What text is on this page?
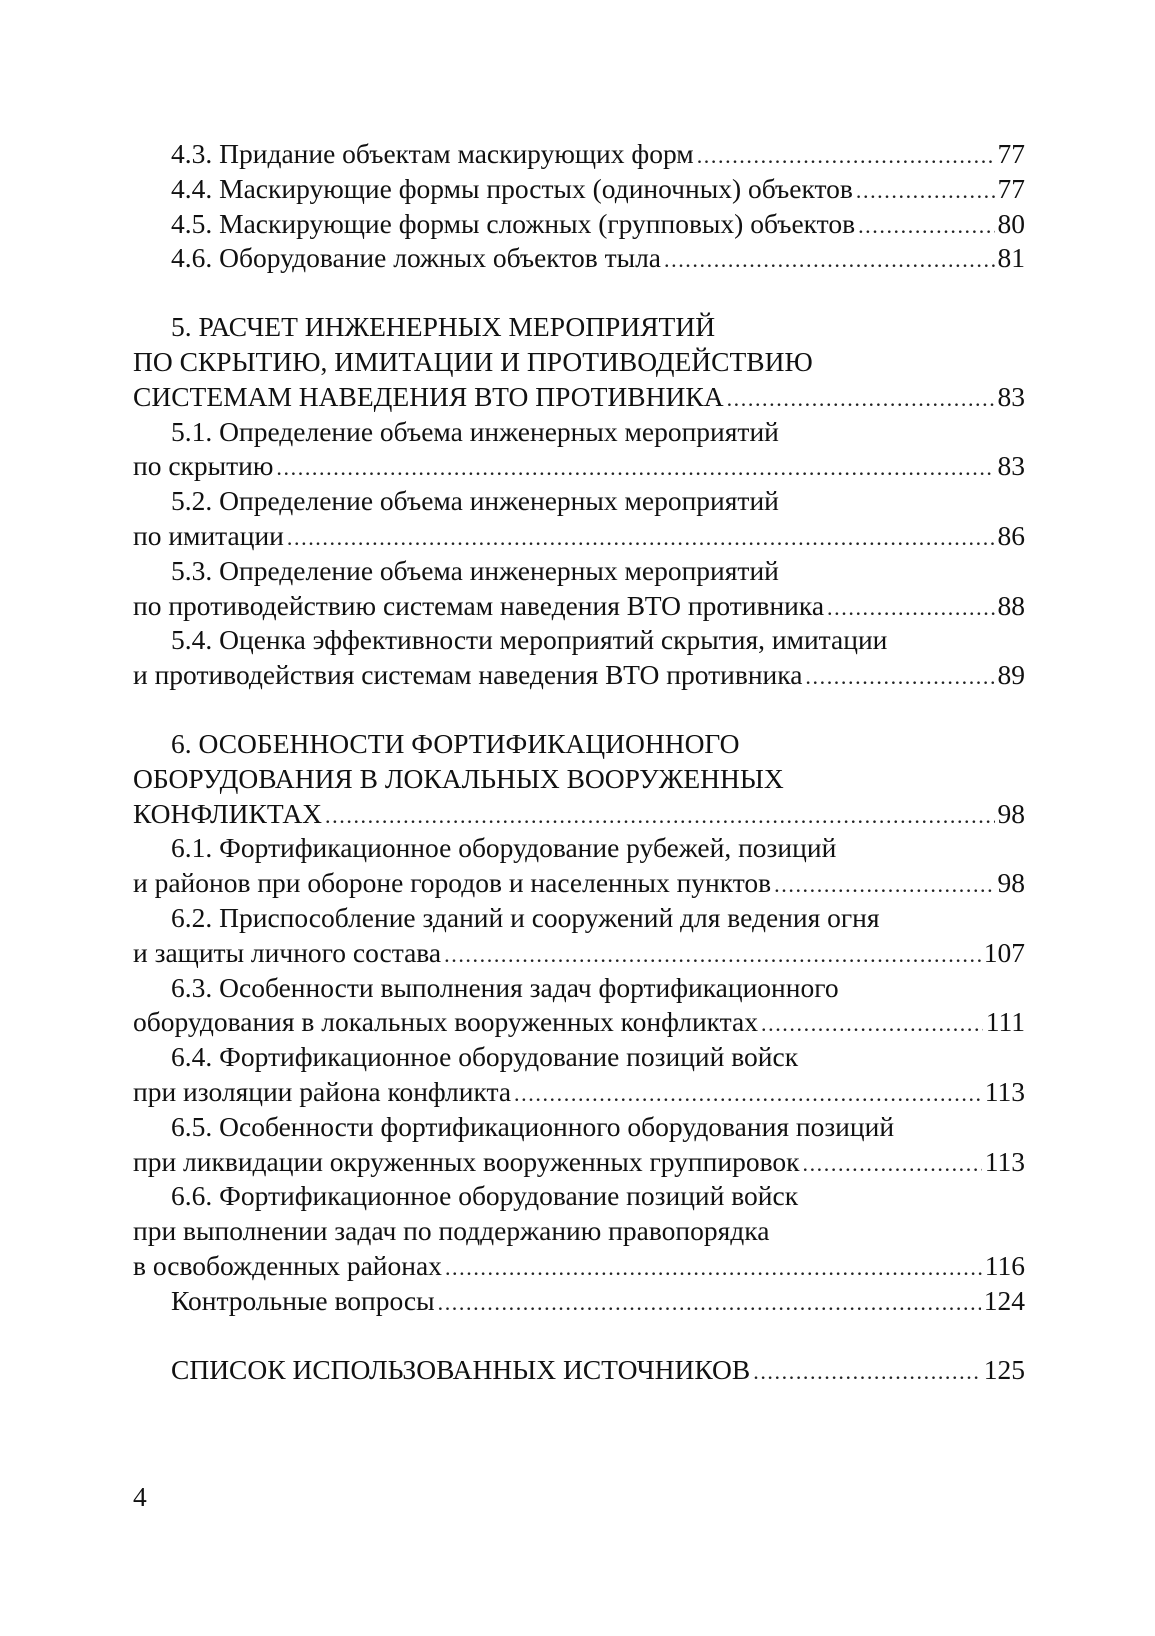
4.3. Придание объектам маскирующих форм .....	77
4.4. Маскирующие формы простых (одиночных) объектов .....	77
4.5. Маскирующие формы сложных (групповых) объектов .....	80
4.6. Оборудование ложных объектов тыла .....	81
5. РАСЧЕТ ИНЖЕНЕРНЫХ МЕРОПРИЯТИЙ
ПО СКРЫТИЮ, ИМИТАЦИИ И ПРОТИВОДЕЙСТВИЮ
СИСТЕМАМ НАВЕДЕНИЯ ВТО ПРОТИВНИКА .....	83
5.1. Определение объема инженерных мероприятий
по скрытию .....	83
5.2. Определение объема инженерных мероприятий
по имитации .....	86
5.3. Определение объема инженерных мероприятий
по противодействию системам наведения ВТО противника .....	88
5.4. Оценка эффективности мероприятий скрытия, имитации
и противодействия системам наведения ВТО противника .....	89
6. ОСОБЕННОСТИ ФОРТИФИКАЦИОННОГО
ОБОРУДОВАНИЯ В ЛОКАЛЬНЫХ ВООРУЖЕННЫХ
КОНФЛИКТАХ .....	98
6.1. Фортификационное оборудование рубежей, позиций
и районов при обороне городов и населенных пунктов .....	98
6.2. Приспособление зданий и сооружений для ведения огня
и защиты личного состава .....	107
6.3. Особенности выполнения задач фортификационного
оборудования в локальных вооруженных конфликтах .....	111
6.4. Фортификационное оборудование позиций войск
при изоляции района конфликта .....	113
6.5. Особенности фортификационного оборудования позиций
при ликвидации окруженных вооруженных группировок .....	113
6.6. Фортификационное оборудование позиций войск
при выполнении задач по поддержанию правопорядка
в освобожденных районах .....	116
Контрольные вопросы .....	124
СПИСОК ИСПОЛЬЗОВАННЫХ ИСТОЧНИКОВ .....	125
4
